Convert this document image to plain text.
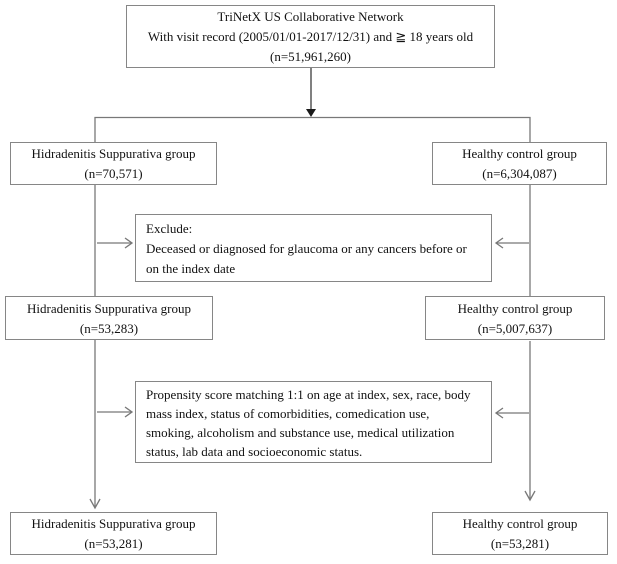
TriNetX US Collaborative Network
With visit record (2005/01/01-2017/12/31) and ≧ 18 years old
(n=51,961,260)
Hidradenitis Suppurativa group
(n=70,571)
Healthy control group
(n=6,304,087)
Exclude:
Deceased or diagnosed for glaucoma or any cancers before or
on the index date
Hidradenitis Suppurativa group
(n=53,283)
Healthy control group
(n=5,007,637)
Propensity score matching 1:1 on age at index, sex, race, body
mass index, status of comorbidities, comedication use,
smoking, alcoholism and substance use, medical utilization
status, lab data and socioeconomic status.
Hidradenitis Suppurativa group
(n=53,281)
Healthy control group
(n=53,281)
